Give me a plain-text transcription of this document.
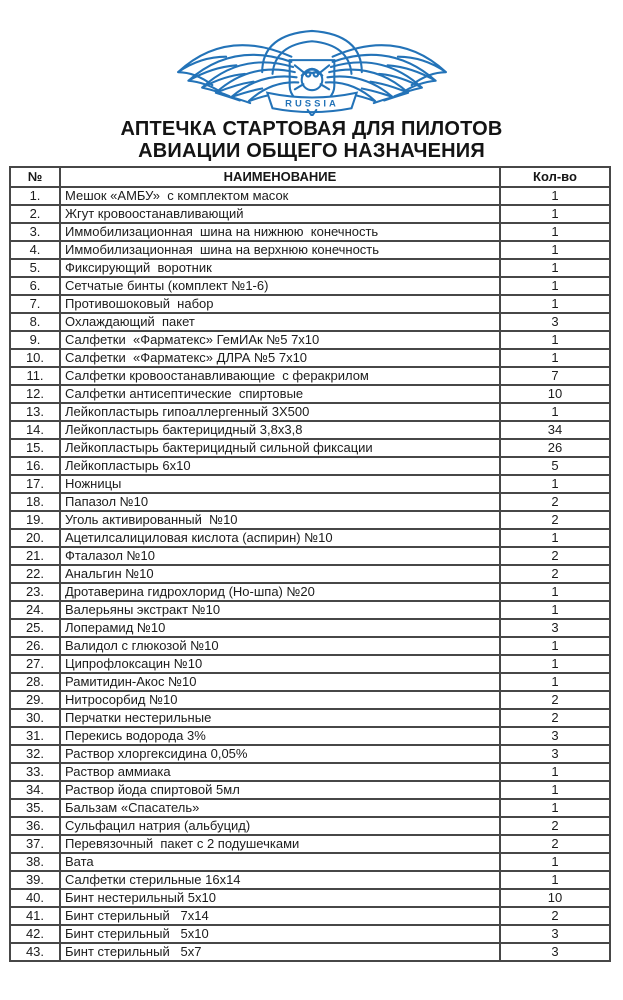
RUSSIA
АПТЕЧКА СТАРТОВАЯ ДЛЯ ПИЛОТОВ
АВИАЦИИ ОБЩЕГО НАЗНАЧЕНИЯ
№	НАИМЕНОВАНИЕ	Кол-во
1.	Мешок «АМБУ»  с комплектом масок	1
2.	Жгут кровоостанавливающий	1
3.	Иммобилизационная  шина на нижнюю  конечность	1
4.	Иммобилизационная  шина на верхнюю конечность	1
5.	Фиксирующий  воротник	1
6.	Сетчатые бинты (комплект №1-6)	1
7.	Противошоковый  набор	1
8.	Охлаждающий  пакет	3
9.	Салфетки  «Фарматекс» ГемИАк №5 7х10	1
10.	Салфетки  «Фарматекс» ДЛРА №5 7х10	1
11.	Салфетки кровоостанавливающие  с феракрилом	7
12.	Салфетки антисептические  спиртовые	10
13.	Лейкопластырь гипоаллергенный 3Х500	1
14.	Лейкопластырь бактерицидный 3,8х3,8	34
15.	Лейкопластырь бактерицидный сильной фиксации	26
16.	Лейкопластырь 6х10	5
17.	Ножницы	1
18.	Папазол №10	2
19.	Уголь активированный  №10	2
20.	Ацетилсалициловая кислота (аспирин) №10	1
21.	Фталазол №10	2
22.	Анальгин №10	2
23.	Дротаверина гидрохлорид (Но-шпа) №20	1
24.	Валерьяны экстракт №10	1
25.	Лоперамид №10	3
26.	Валидол с глюкозой №10	1
27.	Ципрофлоксацин №10	1
28.	Рамитидин-Акос №10	1
29.	Нитросорбид №10	2
30.	Перчатки нестерильные	2
31.	Перекись водорода 3%	3
32.	Раствор хлоргексидина 0,05%	3
33.	Раствор аммиака	1
34.	Раствор йода спиртовой 5мл	1
35.	Бальзам «Спасатель»	1
36.	Сульфацил натрия (альбуцид)	2
37.	Перевязочный  пакет с 2 подушечками	2
38.	Вата	1
39.	Салфетки стерильные 16х14	1
40.	Бинт нестерильный 5х10	10
41.	Бинт стерильный   7х14	2
42.	Бинт стерильный   5х10	3
43.	Бинт стерильный   5х7	3
